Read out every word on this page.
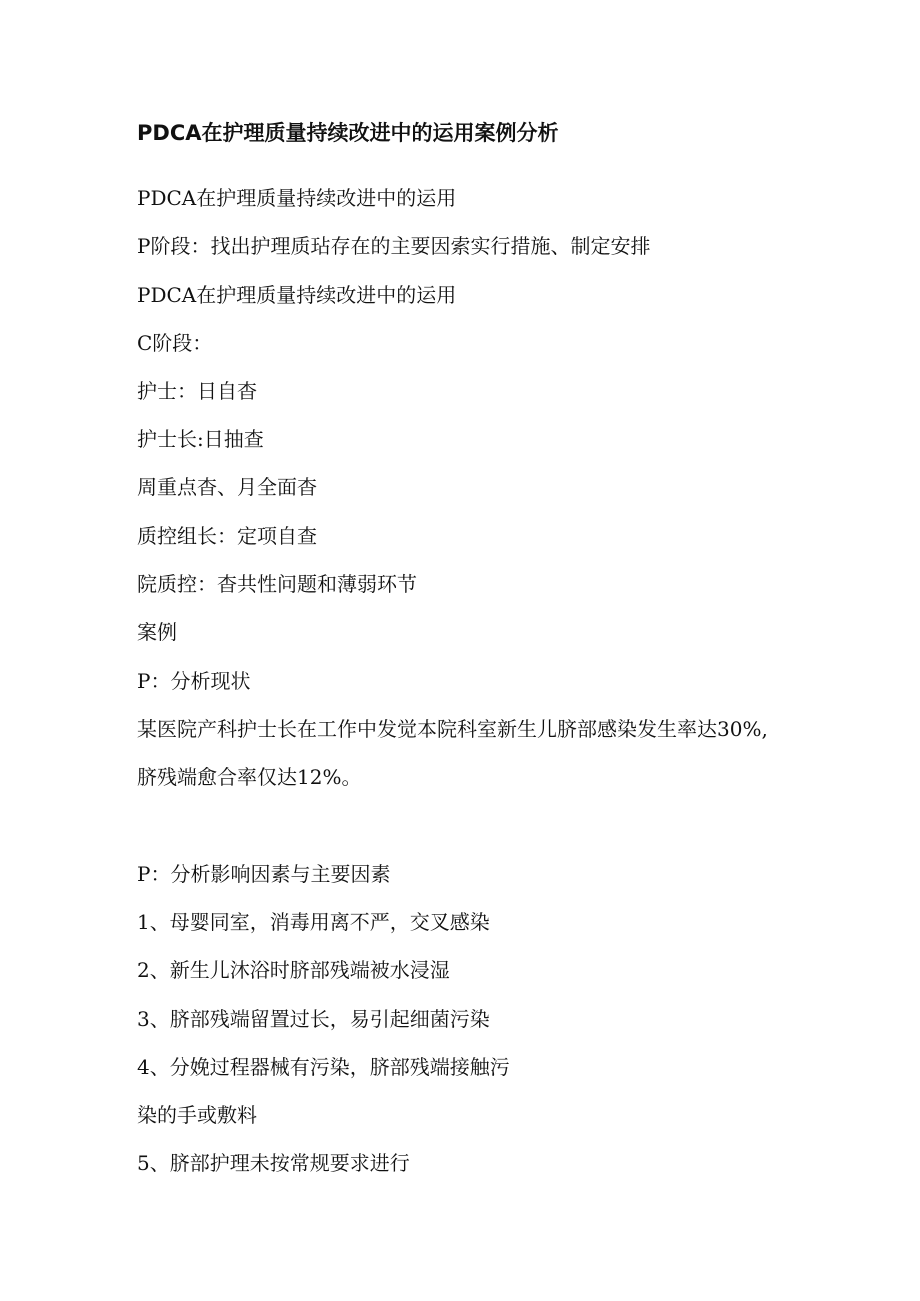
PDCA在护理质量持续改进中的运用案例分析

PDCA在护理质量持续改进中的运用

P阶段：找出护理质玷存在的主要因索实行措施、制定安排

PDCA在护理质量持续改进中的运用

C阶段：

护士：日自杳

护士长:日抽查

周重点杳、月全面杳

质控组长：定项自查

院质控：杳共性问题和薄弱环节

案例

P：分析现状

某医院产科护士长在工作中发觉本院科室新生儿脐部感染发生率达30%,

脐残端愈合率仅达12%。

P：分析影响因素与主要因素

1、母婴同室，消毒用离不严，交叉感染

2、新生儿沐浴时脐部残端被水浸湿

3、脐部残端留置过长，易引起细菌污染

4、分娩过程器械有污染，脐部残端接触污

染的手或敷料

5、脐部护理未按常规要求进行
